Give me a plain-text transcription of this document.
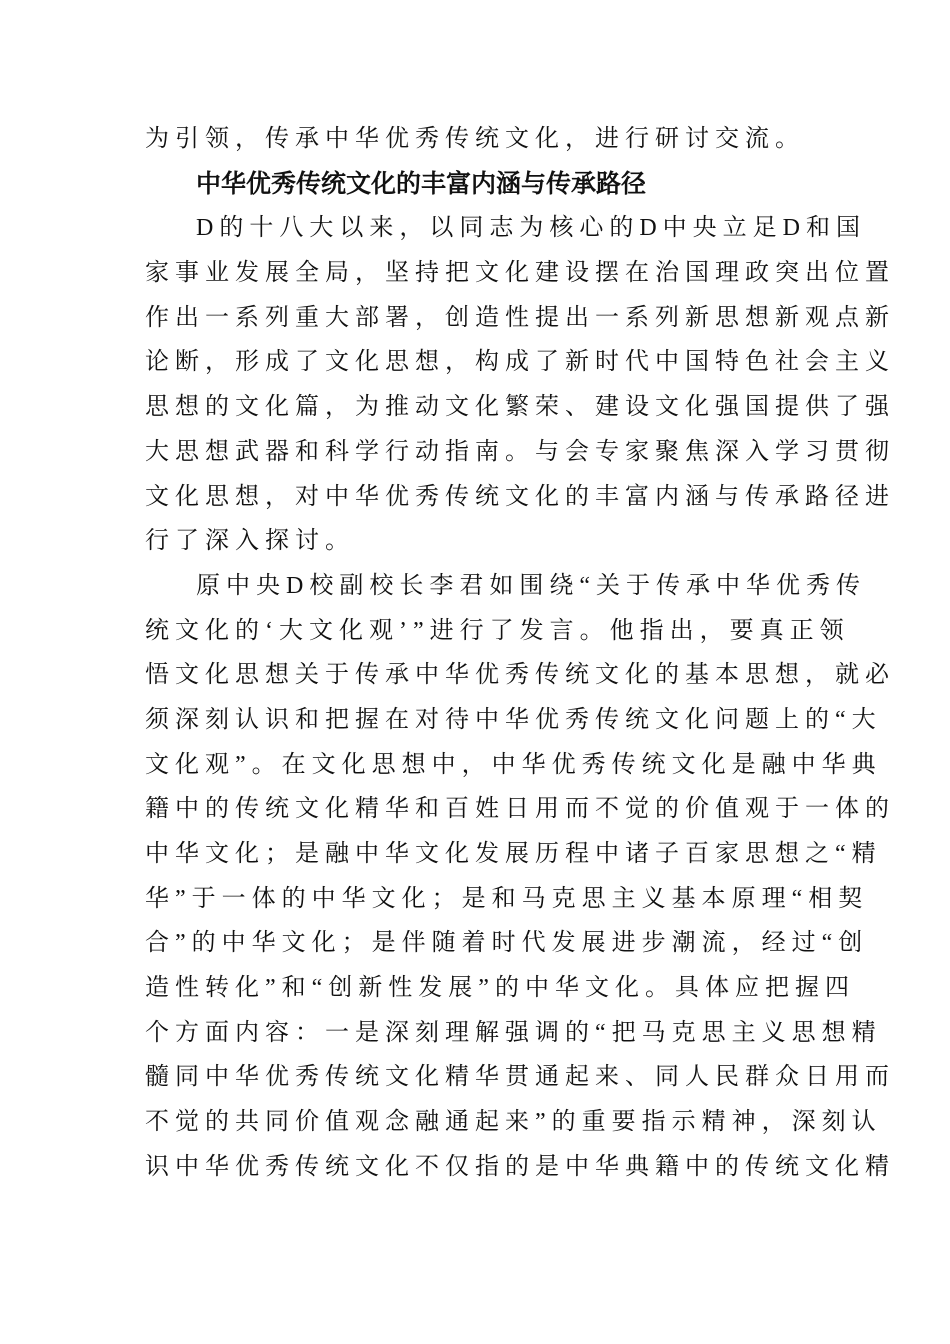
为引领，传承中华优秀传统文化，进行研讨交流。
中华优秀传统文化的丰富内涵与传承路径
D的十八大以来，以同志为核心的D中央立足D和国
家事业发展全局，坚持把文化建设摆在治国理政突出位置
作出一系列重大部署，创造性提出一系列新思想新观点新
论断，形成了文化思想，构成了新时代中国特色社会主义
思想的文化篇，为推动文化繁荣、建设文化强国提供了强
大思想武器和科学行动指南。与会专家聚焦深入学习贯彻
文化思想，对中华优秀传统文化的丰富内涵与传承路径进
行了深入探讨。
原中央D校副校长李君如围绕“关于传承中华优秀传
统文化的‘大文化观’”进行了发言。他指出，要真正领
悟文化思想关于传承中华优秀传统文化的基本思想，就必
须深刻认识和把握在对待中华优秀传统文化问题上的“大
文化观”。在文化思想中，中华优秀传统文化是融中华典
籍中的传统文化精华和百姓日用而不觉的价值观于一体的
中华文化；是融中华文化发展历程中诸子百家思想之“精
华”于一体的中华文化；是和马克思主义基本原理“相契
合”的中华文化；是伴随着时代发展进步潮流，经过“创
造性转化”和“创新性发展”的中华文化。具体应把握四
个方面内容：一是深刻理解强调的“把马克思主义思想精
髓同中华优秀传统文化精华贯通起来、同人民群众日用而
不觉的共同价值观念融通起来”的重要指示精神，深刻认
识中华优秀传统文化不仅指的是中华典籍中的传统文化精
